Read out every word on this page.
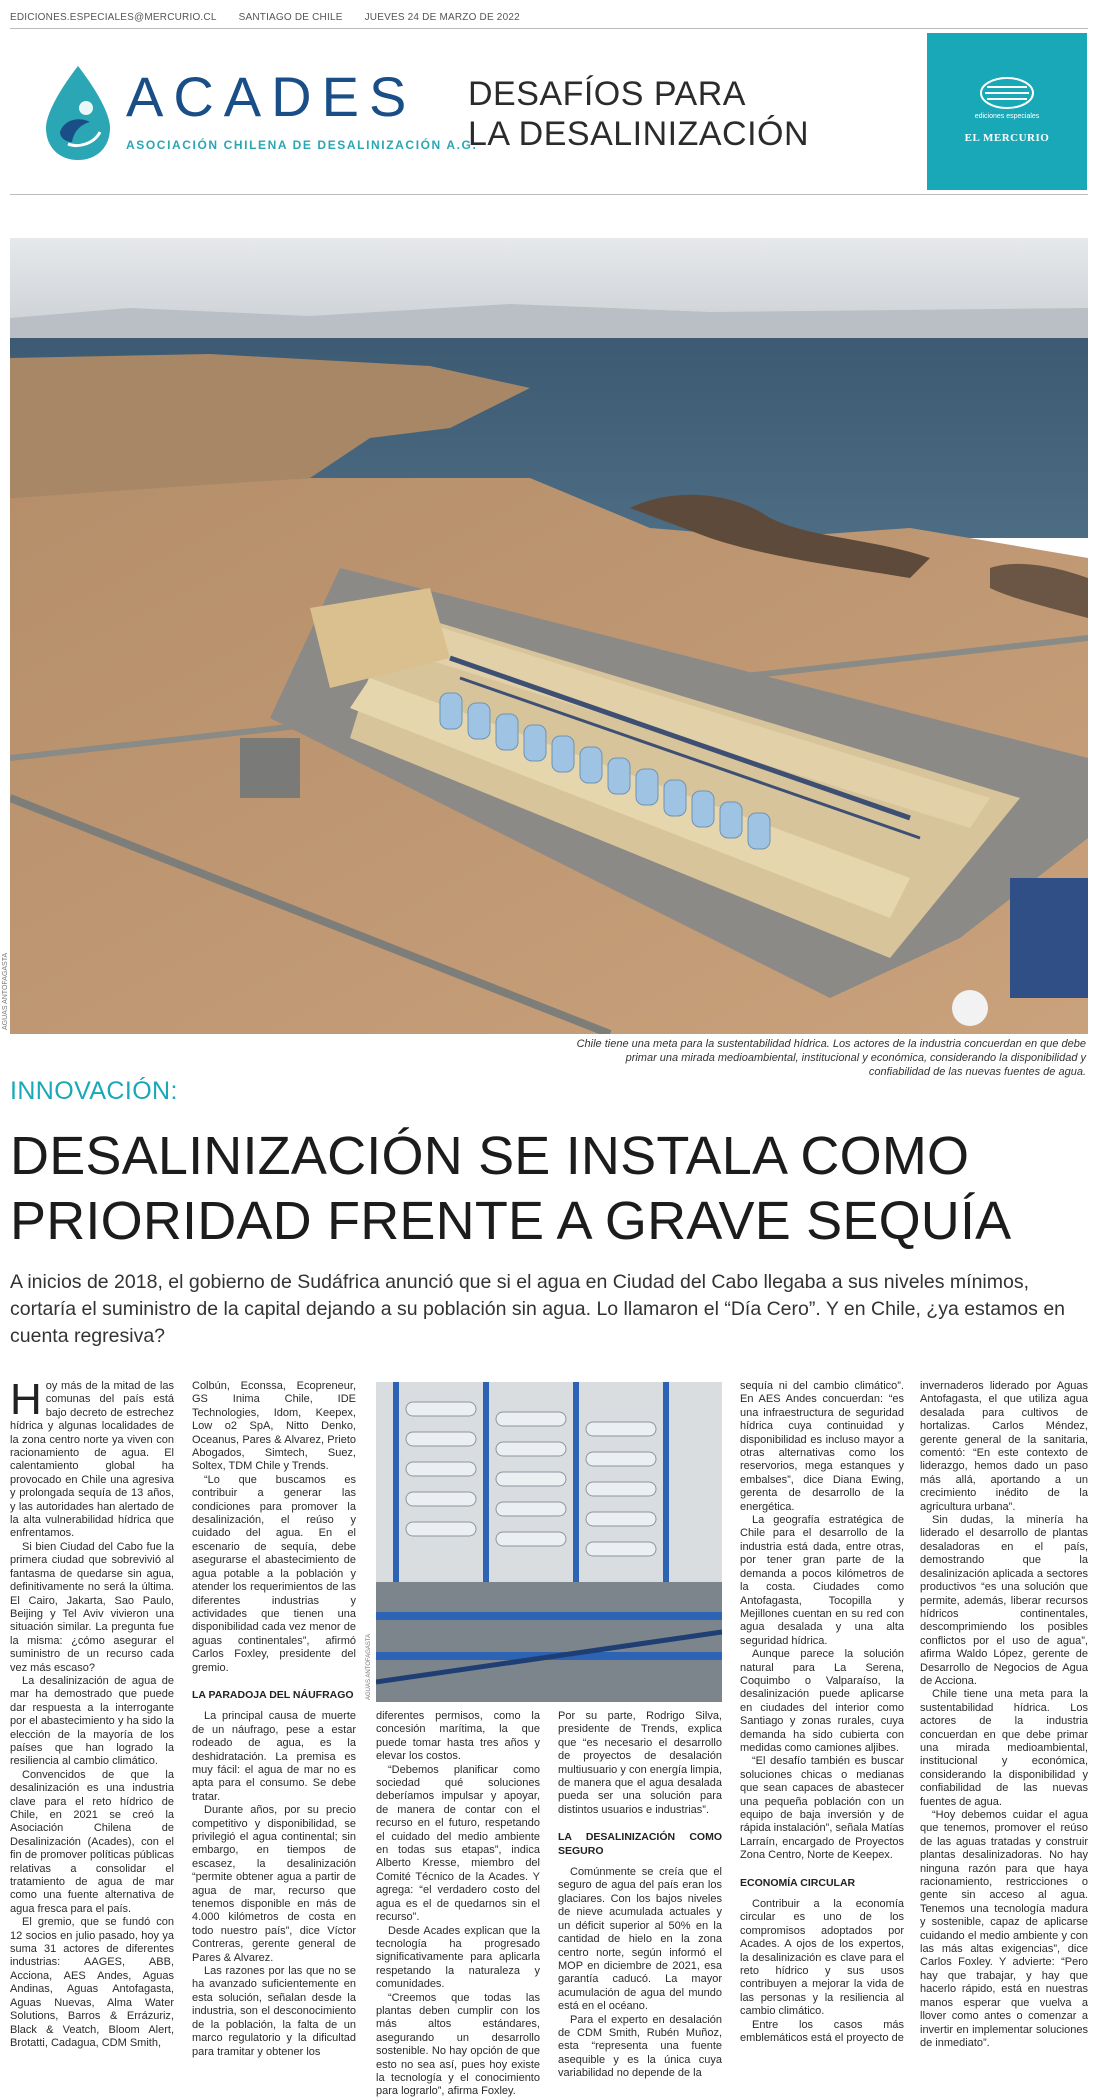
EDICIONES.ESPECIALES@MERCURIO.CL SANTIAGO DE CHILE JUEVES 24 DE MARZO DE 2022
ACADES
ASOCIACIÓN CHILENA DE DESALINIZACIÓN A.G.
DESAFÍOS PARA
LA DESALINIZACIÓN	ediciones especiales
EL MERCURIO
AGUAS ANTOFAGASTA
Chile tiene una meta para la sustentabilidad hídrica. Los actores de la industria concuerdan en que debe primar una mirada medioambiental, institucional y económica, considerando la disponibilidad y confiabilidad de las nuevas fuentes de agua.
INNOVACIÓN:
DESALINIZACIÓN SE INSTALA COMO
PRIORIDAD FRENTE A GRAVE SEQUÍA
A inicios de 2018, el gobierno de Sudáfrica anunció que si el agua en Ciudad del Cabo llegaba a sus niveles mínimos, cortaría el suministro de la capital dejando a su población sin agua. Lo llamaron el “Día Cero”. Y en Chile, ¿ya estamos en cuenta regresiva?

Hoy más de la mitad de las comunas del país está bajo decreto de estrechez hídrica y algunas localidades de la zona centro norte ya viven con racionamiento de agua. El calentamiento global ha provocado en Chile una agresiva y prolongada sequía de 13 años, y las autoridades han alertado de la alta vulnerabilidad hídrica que enfrentamos.

Si bien Ciudad del Cabo fue la primera ciudad que sobrevivió al fantasma de quedarse sin agua, definitivamente no será la última. El Cairo, Jakarta, Sao Paulo, Beijing y Tel Aviv vivieron una situación similar. La pregunta fue la misma: ¿cómo asegurar el suministro de un recurso cada vez más escaso?

La desalinización de agua de mar ha demostrado que puede dar respuesta a la interrogante por el abastecimiento y ha sido la elección de la mayoría de los países que han logrado la resiliencia al cambio climático.

Convencidos de que la desalinización es una industria clave para el reto hídrico de Chile, en 2021 se creó la Asociación Chilena de Desalinización (Acades), con el fin de promover políticas públicas relativas a consolidar el tratamiento de agua de mar como una fuente alternativa de agua fresca para el país.

El gremio, que se fundó con 12 socios en julio pasado, hoy ya suma 31 actores de diferentes industrias: AAGES, ABB, Acciona, AES Andes, Aguas Andinas, Aguas Antofagasta, Aguas Nuevas, Alma Water Solutions, Barros & Errázuriz, Black & Veatch, Bloom Alert, Brotatti, Cadagua, CDM Smith,

Colbún, Econssa, Ecopreneur, GS Inima Chile, IDE Technologies, Idom, Keepex, Low o2 SpA, Nitto Denko, Oceanus, Pares & Alvarez, Prieto Abogados, Simtech, Suez, Soltex, TDM Chile y Trends.

“Lo que buscamos es contribuir a generar las condiciones para promover la desalinización, el reúso y cuidado del agua. En el escenario de sequía, debe asegurarse el abastecimiento de agua potable a la población y atender los requerimientos de las diferentes industrias y actividades que tienen una disponibilidad cada vez menor de aguas continentales”, afirmó Carlos Foxley, presidente del gremio.

LA PARADOJA DEL NÁUFRAGO

La principal causa de muerte de un náufrago, pese a estar rodeado de agua, es la deshidratación. La premisa es muy fácil: el agua de mar no es apta para el consumo. Se debe tratar.

Durante años, por su precio competitivo y disponibilidad, se privilegió el agua continental; sin embargo, en tiempos de escasez, la desalinización “permite obtener agua a partir de agua de mar, recurso que tenemos disponible en más de 4.000 kilómetros de costa en todo nuestro país”, dice Víctor Contreras, gerente general de Pares & Alvarez.

Las razones por las que no se ha avanzado suficientemente en esta solución, señalan desde la industria, son el desconocimiento de la población, la falta de un marco regulatorio y la dificultad para tramitar y obtener los

AGUAS ANTOFAGASTA

diferentes permisos, como la concesión marítima, la que puede tomar hasta tres años y elevar los costos.

“Debemos planificar como sociedad qué soluciones deberíamos impulsar y apoyar, de manera de contar con el recurso en el futuro, respetando el cuidado del medio ambiente en todas sus etapas”, indica Alberto Kresse, miembro del Comité Técnico de la Acades. Y agrega: “el verdadero costo del agua es el de quedarnos sin el recurso”.

Desde Acades explican que la tecnología ha progresado significativamente para aplicarla respetando la naturaleza y comunidades.

“Creemos que todas las plantas deben cumplir con los más altos estándares, asegurando un desarrollo sostenible. No hay opción de que esto no sea así, pues hoy existe la tecnología y el conocimiento para lograrlo”, afirma Foxley.

Por su parte, Rodrigo Silva, presidente de Trends, explica que “es necesario el desarrollo de proyectos de desalación multiusuario y con energía limpia, de manera que el agua desalada pueda ser una solución para distintos usuarios e industrias”.

LA DESALINIZACIÓN COMO SEGURO

Comúnmente se creía que el seguro de agua del país eran los glaciares. Con los bajos niveles de nieve acumulada actuales y un déficit superior al 50% en la cantidad de hielo en la zona centro norte, según informó el MOP en diciembre de 2021, esa garantía caducó. La mayor acumulación de agua del mundo está en el océano.

Para el experto en desalación de CDM Smith, Rubén Muñoz, esta “representa una fuente asequible y es la única cuya variabilidad no depende de la

sequía ni del cambio climático”. En AES Andes concuerdan: “es una infraestructura de seguridad hídrica cuya continuidad y disponibilidad es incluso mayor a otras alternativas como los reservorios, mega estanques y embalses”, dice Diana Ewing, gerenta de desarrollo de la energética.

La geografía estratégica de Chile para el desarrollo de la industria está dada, entre otras, por tener gran parte de la demanda a pocos kilómetros de la costa. Ciudades como Antofagasta, Tocopilla y Mejillones cuentan en su red con agua desalada y una alta seguridad hídrica.

Aunque parece la solución natural para La Serena, Coquimbo o Valparaíso, la desalinización puede aplicarse en ciudades del interior como Santiago y zonas rurales, cuya demanda ha sido cubierta con medidas como camiones aljibes.

“El desafío también es buscar soluciones chicas o medianas que sean capaces de abastecer una pequeña población con un equipo de baja inversión y de rápida instalación”, señala Matías Larraín, encargado de Proyectos Zona Centro, Norte de Keepex.

ECONOMÍA CIRCULAR

Contribuir a la economía circular es uno de los compromisos adoptados por Acades. A ojos de los expertos, la desalinización es clave para el reto hídrico y sus usos contribuyen a mejorar la vida de las personas y la resiliencia al cambio climático.

Entre los casos más emblemáticos está el proyecto de

invernaderos liderado por Aguas Antofagasta, el que utiliza agua desalada para cultivos de hortalizas. Carlos Méndez, gerente general de la sanitaria, comentó: “En este contexto de liderazgo, hemos dado un paso más allá, aportando a un crecimiento inédito de la agricultura urbana”.

Sin dudas, la minería ha liderado el desarrollo de plantas desaladoras en el país, demostrando que la desalinización aplicada a sectores productivos “es una solución que permite, además, liberar recursos hídricos continentales, descomprimiendo los posibles conflictos por el uso de agua”, afirma Waldo López, gerente de Desarrollo de Negocios de Agua de Acciona.

Chile tiene una meta para la sustentabilidad hídrica. Los actores de la industria concuerdan en que debe primar una mirada medioambiental, institucional y económica, considerando la disponibilidad y confiabilidad de las nuevas fuentes de agua.

“Hoy debemos cuidar el agua que tenemos, promover el reúso de las aguas tratadas y construir plantas desalinizadoras. No hay ninguna razón para que haya racionamiento, restricciones o gente sin acceso al agua. Tenemos una tecnología madura y sostenible, capaz de aplicarse cuidando el medio ambiente y con las más altas exigencias”, dice Carlos Foxley. Y advierte: “Pero hay que trabajar, y hay que hacerlo rápido, está en nuestras manos esperar que vuelva a llover como antes o comenzar a invertir en implementar soluciones de inmediato”.
